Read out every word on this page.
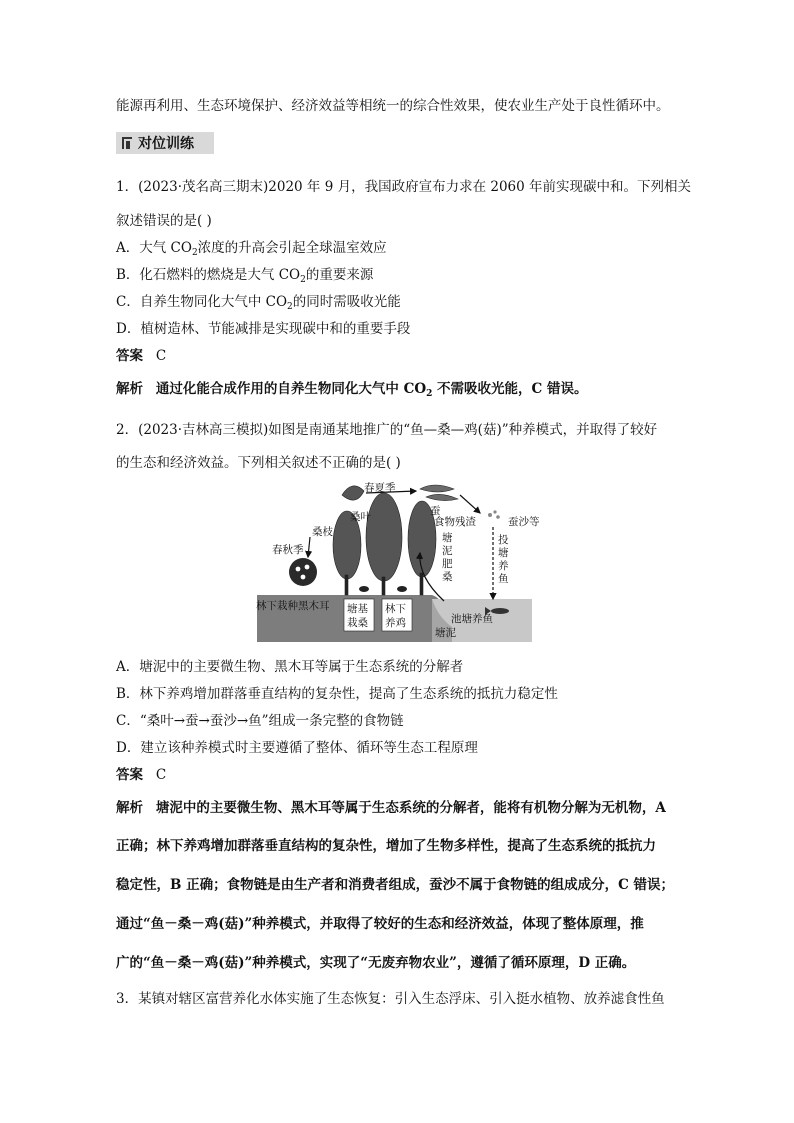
能源再利用、生态环境保护、经济效益等相统一的综合性效果，使农业生产处于良性循环中。
对位训练
1．(2023·茂名高三期末)2020 年 9 月，我国政府宣布力求在 2060 年前实现碳中和。下列相关
叙述错误的是( )
A．大气 $CO_2$浓度的升高会引起全球温室效应
B．化石燃料的燃烧是大气 $CO_2$的重要来源
C．自养生物同化大气中 $CO_2$的同时需吸收光能
D．植树造林、节能减排是实现碳中和的重要手段
答案 C
解析 通过化能合成作用的自养生物同化大气中 $CO_2$ 不需吸收光能，C 错误。
2．(2023·吉林高三模拟)如图是南通某地推广的“鱼—桑—鸡(菇)”种养模式，并取得了较好
的生态和经济效益。下列相关叙述不正确的是( )
春夏季
桑叶	蚕
食物残渣	蚕沙等
桑枝
春秋季
林下栽种黑木耳
池塘养鱼
塘泥
塘
泥
肥
桑
投
塘
养
鱼
塘基
栽桑
林下
养鸡
A．塘泥中的主要微生物、黑木耳等属于生态系统的分解者
B．林下养鸡增加群落垂直结构的复杂性，提高了生态系统的抵抗力稳定性
C．“桑叶→蚕→蚕沙→鱼”组成一条完整的食物链
D．建立该种养模式时主要遵循了整体、循环等生态工程原理
答案 C
解析 塘泥中的主要微生物、黑木耳等属于生态系统的分解者，能将有机物分解为无机物，A
正确；林下养鸡增加群落垂直结构的复杂性，增加了生物多样性，提高了生态系统的抵抗力
稳定性，B 正确；食物链是由生产者和消费者组成，蚕沙不属于食物链的组成成分，C 错误；
通过“鱼－桑－鸡(菇)”种养模式，并取得了较好的生态和经济效益，体现了整体原理，推
广的“鱼－桑－鸡(菇)”种养模式，实现了“无废弃物农业”，遵循了循环原理，D 正确。
3．某镇对辖区富营养化水体实施了生态恢复：引入生态浮床、引入挺水植物、放养滤食性鱼
